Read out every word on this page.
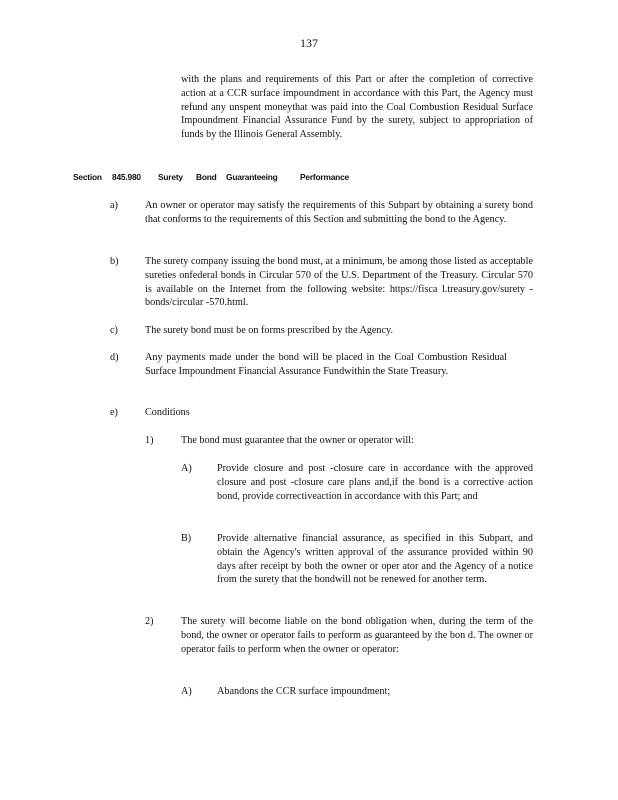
137
with the plans and requirements of this Part or after the completion of corrective action at a CCR surface impoundment in accordance with this Part, the Agency must refund any unspent moneythat was paid into the Coal Combustion Residual Surface Impoundment Financial Assurance Fund by the surety, subject to appropriation of funds by the Illinois General Assembly.
Section 845.980 Surety Bond Guaranteeing	Performance
a)	An owner or operator may satisfy the requirements of this Subpart by obtaining a surety bond that conforms to the requirements of this Section and submitting the bond to the Agency.
b)	The surety company issuing the bond must, at a minimum, be among those listed as acceptable sureties onfederal bonds in Circular 570 of the U.S. Department of the Treasury. Circular 570 is available on the Internet from the following website: https://fisca l.treasury.gov/surety -bonds/circular -570.html.
c)	The surety bond must be on forms prescribed by the Agency.
d)	Any payments made under the bond will be placed in the Coal Combustion Residual Surface Impoundment Financial Assurance Fundwithin the State Treasury.
e)	Conditions
1)	The bond must guarantee that the owner or operator will:
A) Provide closure and post -closure care in accordance with the approved closure and post -closure care plans and,if the bond is a corrective action bond, provide correctiveaction in accordance with this Part; and
B)	Provide alternative financial assurance, as specified in this Subpart, and obtain the Agency's written approval of the assurance provided within 90 days after receipt by both the owner or oper ator and the Agency of a notice from the surety that the bondwill not be renewed for another term.
2)	The surety will become liable on the bond obligation when, during the term of the bond, the owner or operator fails to perform as guaranteed by the bon d. The owner or operator fails to perform when the owner or operator:
A) Abandons the CCR surface impoundment;
